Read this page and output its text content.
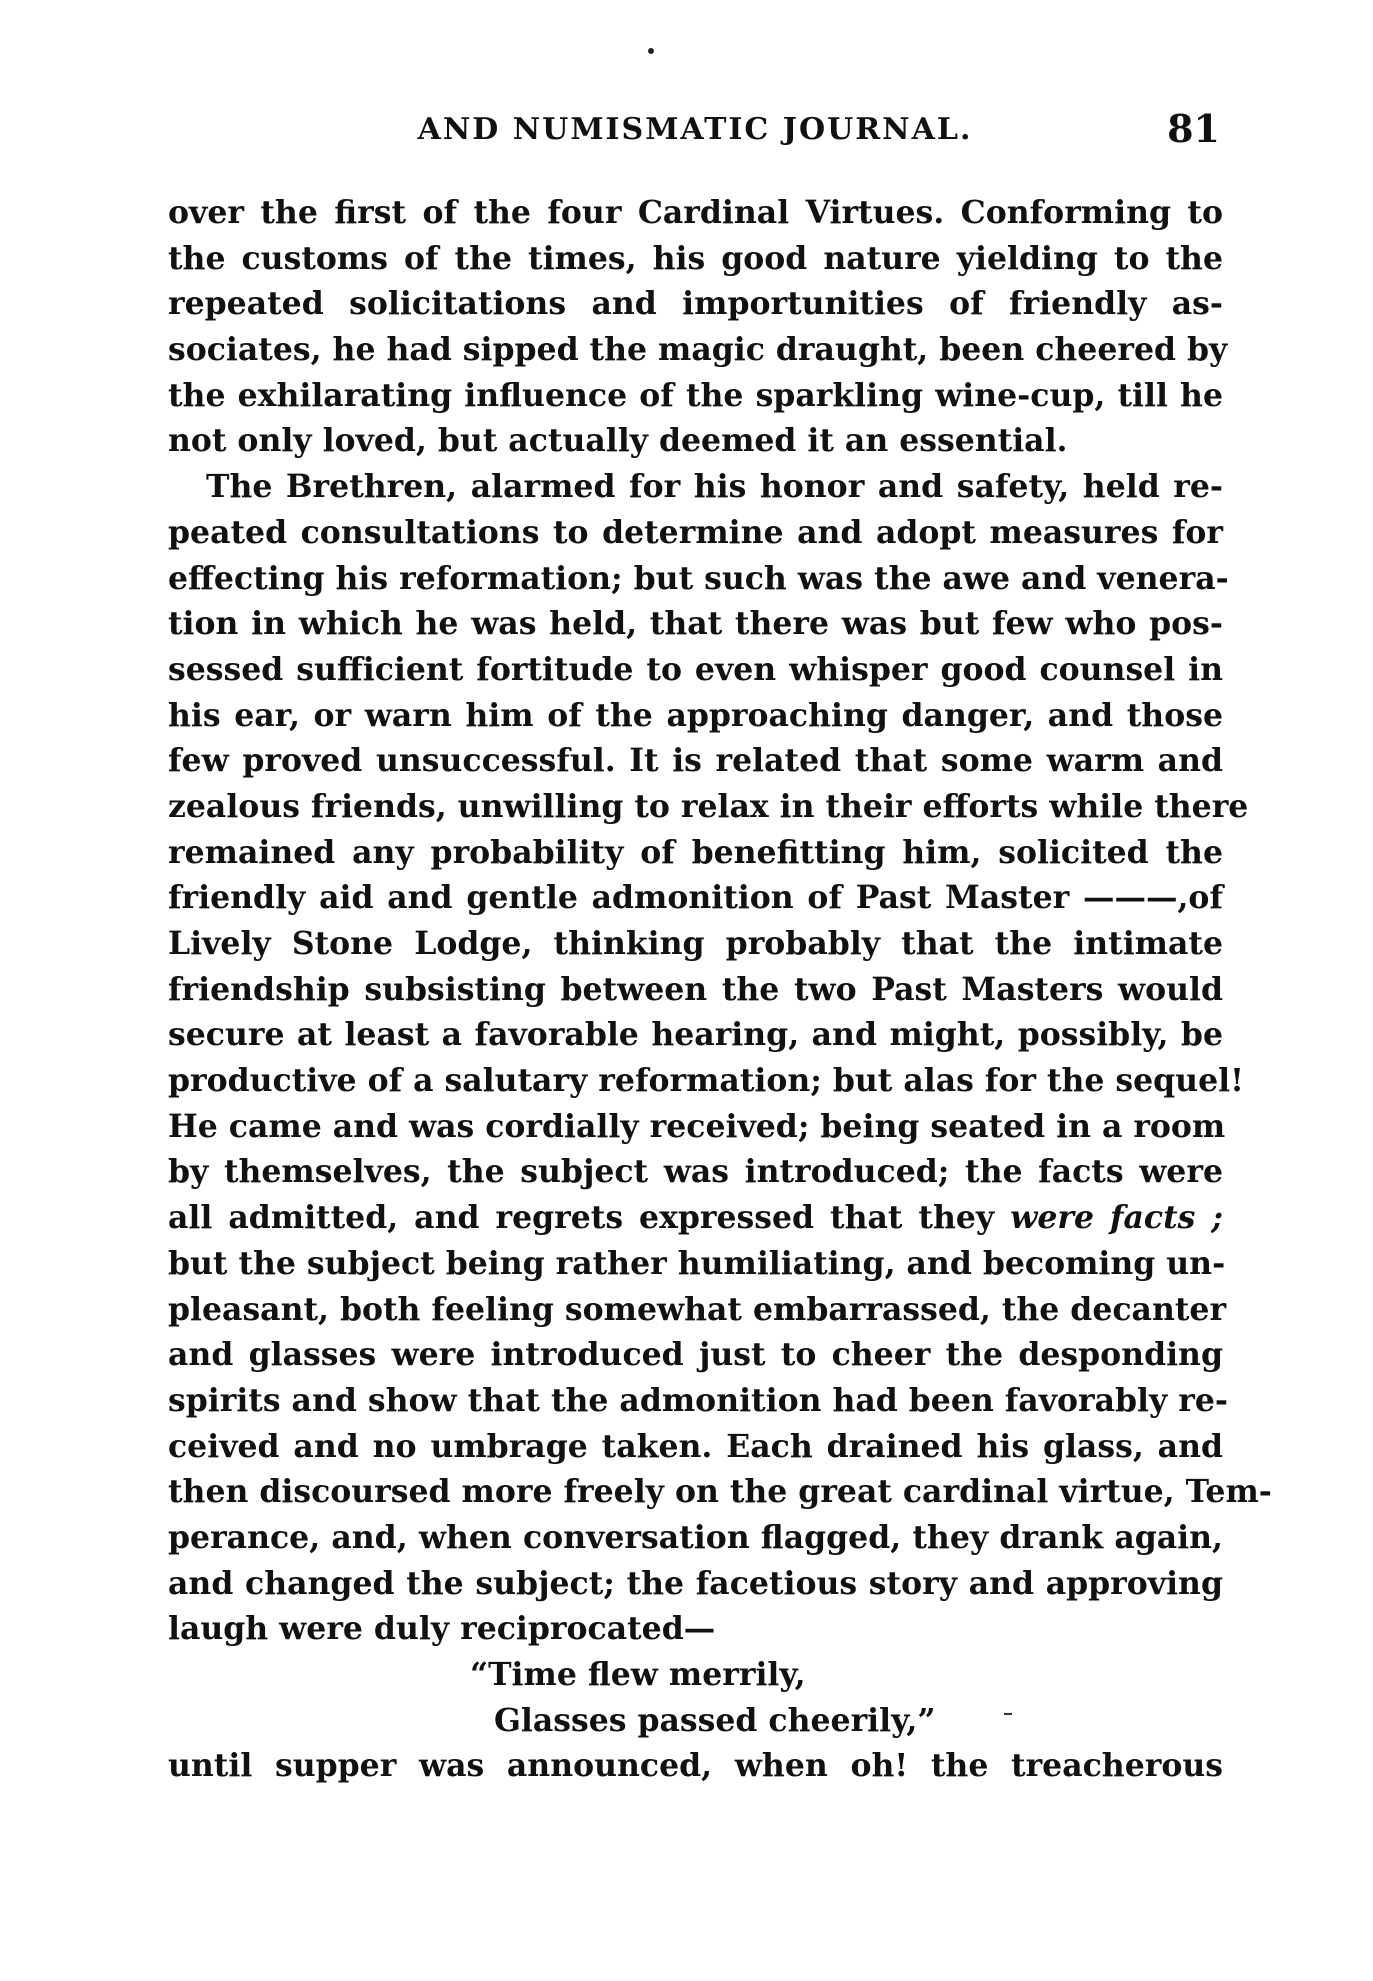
AND NUMISMATIC JOURNAL.	81
over the first of the four Cardinal Virtues. Conforming to
the customs of the times, his good nature yielding to the
repeated solicitations and importunities of friendly as-
sociates, he had sipped the magic draught, been cheered by
the exhilarating influence of the sparkling wine-cup, till he
not only loved, but actually deemed it an essential.
The Brethren, alarmed for his honor and safety, held re-
peated consultations to determine and adopt measures for
effecting his reformation; but such was the awe and venera-
tion in which he was held, that there was but few who pos-
sessed sufficient fortitude to even whisper good counsel in
his ear, or warn him of the approaching danger, and those
few proved unsuccessful. It is related that some warm and
zealous friends, unwilling to relax in their efforts while there
remained any probability of benefitting him, solicited the
friendly aid and gentle admonition of Past Master ———,of
Lively Stone Lodge, thinking probably that the intimate
friendship subsisting between the two Past Masters would
secure at least a favorable hearing, and might, possibly, be
productive of a salutary reformation; but alas for the sequel!
He came and was cordially received; being seated in a room
by themselves, the subject was introduced; the facts were
all admitted, and regrets expressed that they were facts ;
but the subject being rather humiliating, and becoming un-
pleasant, both feeling somewhat embarrassed, the decanter
and glasses were introduced just to cheer the desponding
spirits and show that the admonition had been favorably re-
ceived and no umbrage taken. Each drained his glass, and
then discoursed more freely on the great cardinal virtue, Tem-
perance, and, when conversation flagged, they drank again,
and changed the subject; the facetious story and approving
laugh were duly reciprocated—
“Time flew merrily,
Glasses passed cheerily,”
until supper was announced, when oh! the treacherous
